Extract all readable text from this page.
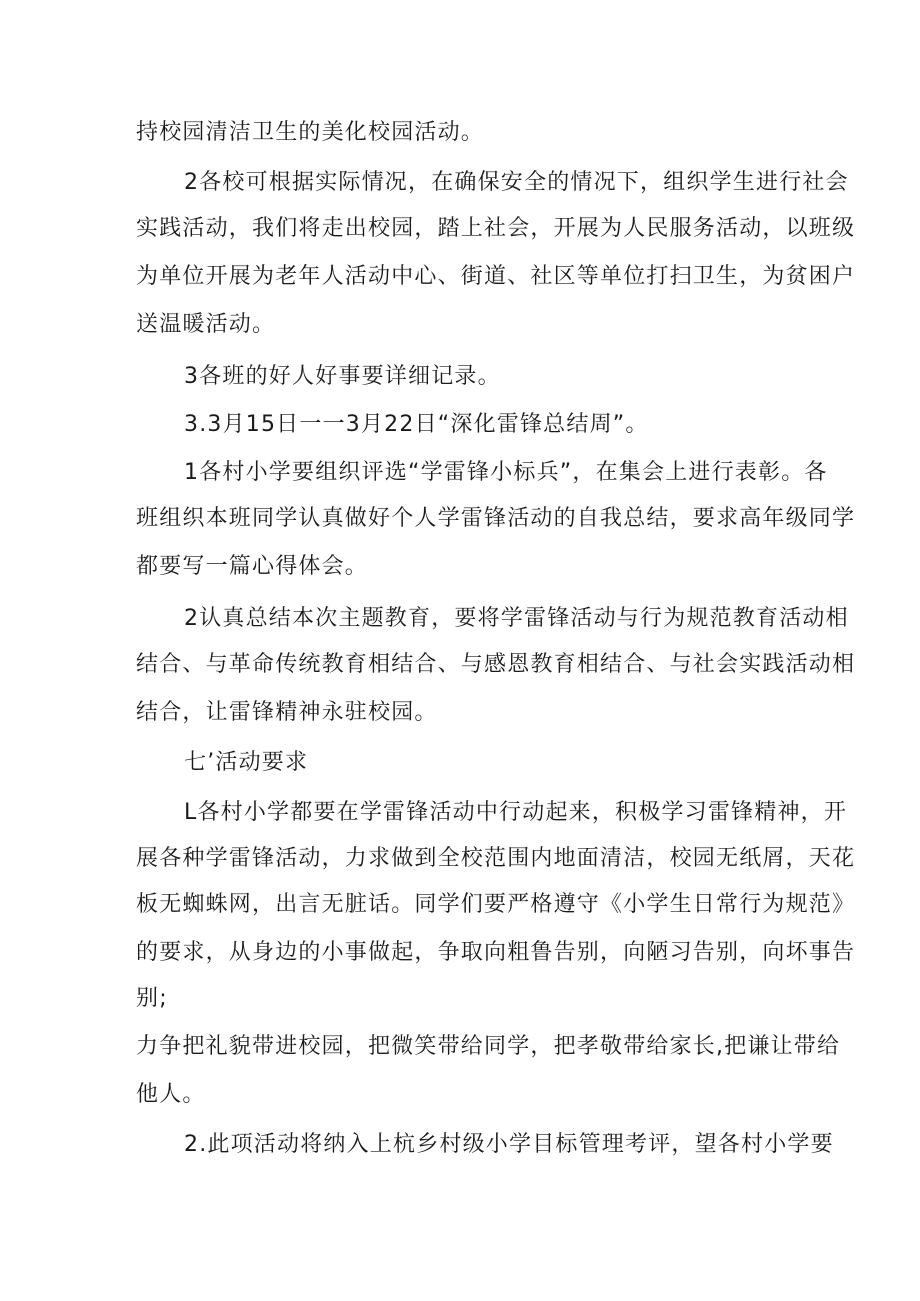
持校园清洁卫生的美化校园活动。
2各校可根据实际情况，在确保安全的情况下，组织学生进行社会
实践活动，我们将走出校园，踏上社会，开展为人民服务活动，以班级
为单位开展为老年人活动中心、街道、社区等单位打扫卫生，为贫困户
送温暖活动。
3各班的好人好事要详细记录。
3.3月15日一一3月22日“深化雷锋总结周”。
1各村小学要组织评选“学雷锋小标兵”，在集会上进行表彰。各
班组织本班同学认真做好个人学雷锋活动的自我总结，要求高年级同学
都要写一篇心得体会。
2认真总结本次主题教育，要将学雷锋活动与行为规范教育活动相
结合、与革命传统教育相结合、与感恩教育相结合、与社会实践活动相
结合，让雷锋精神永驻校园。
七’活动要求
L各村小学都要在学雷锋活动中行动起来，积极学习雷锋精神，开
展各种学雷锋活动，力求做到全校范围内地面清洁，校园无纸屑，天花
板无蜘蛛网，出言无脏话。同学们要严格遵守《小学生日常行为规范》
的要求，从身边的小事做起，争取向粗鲁告别，向陋习告别，向坏事告
别;
力争把礼貌带进校园，把微笑带给同学，把孝敬带给家长,把谦让带给
他人。
2.此项活动将纳入上杭乡村级小学目标管理考评，望各村小学要
